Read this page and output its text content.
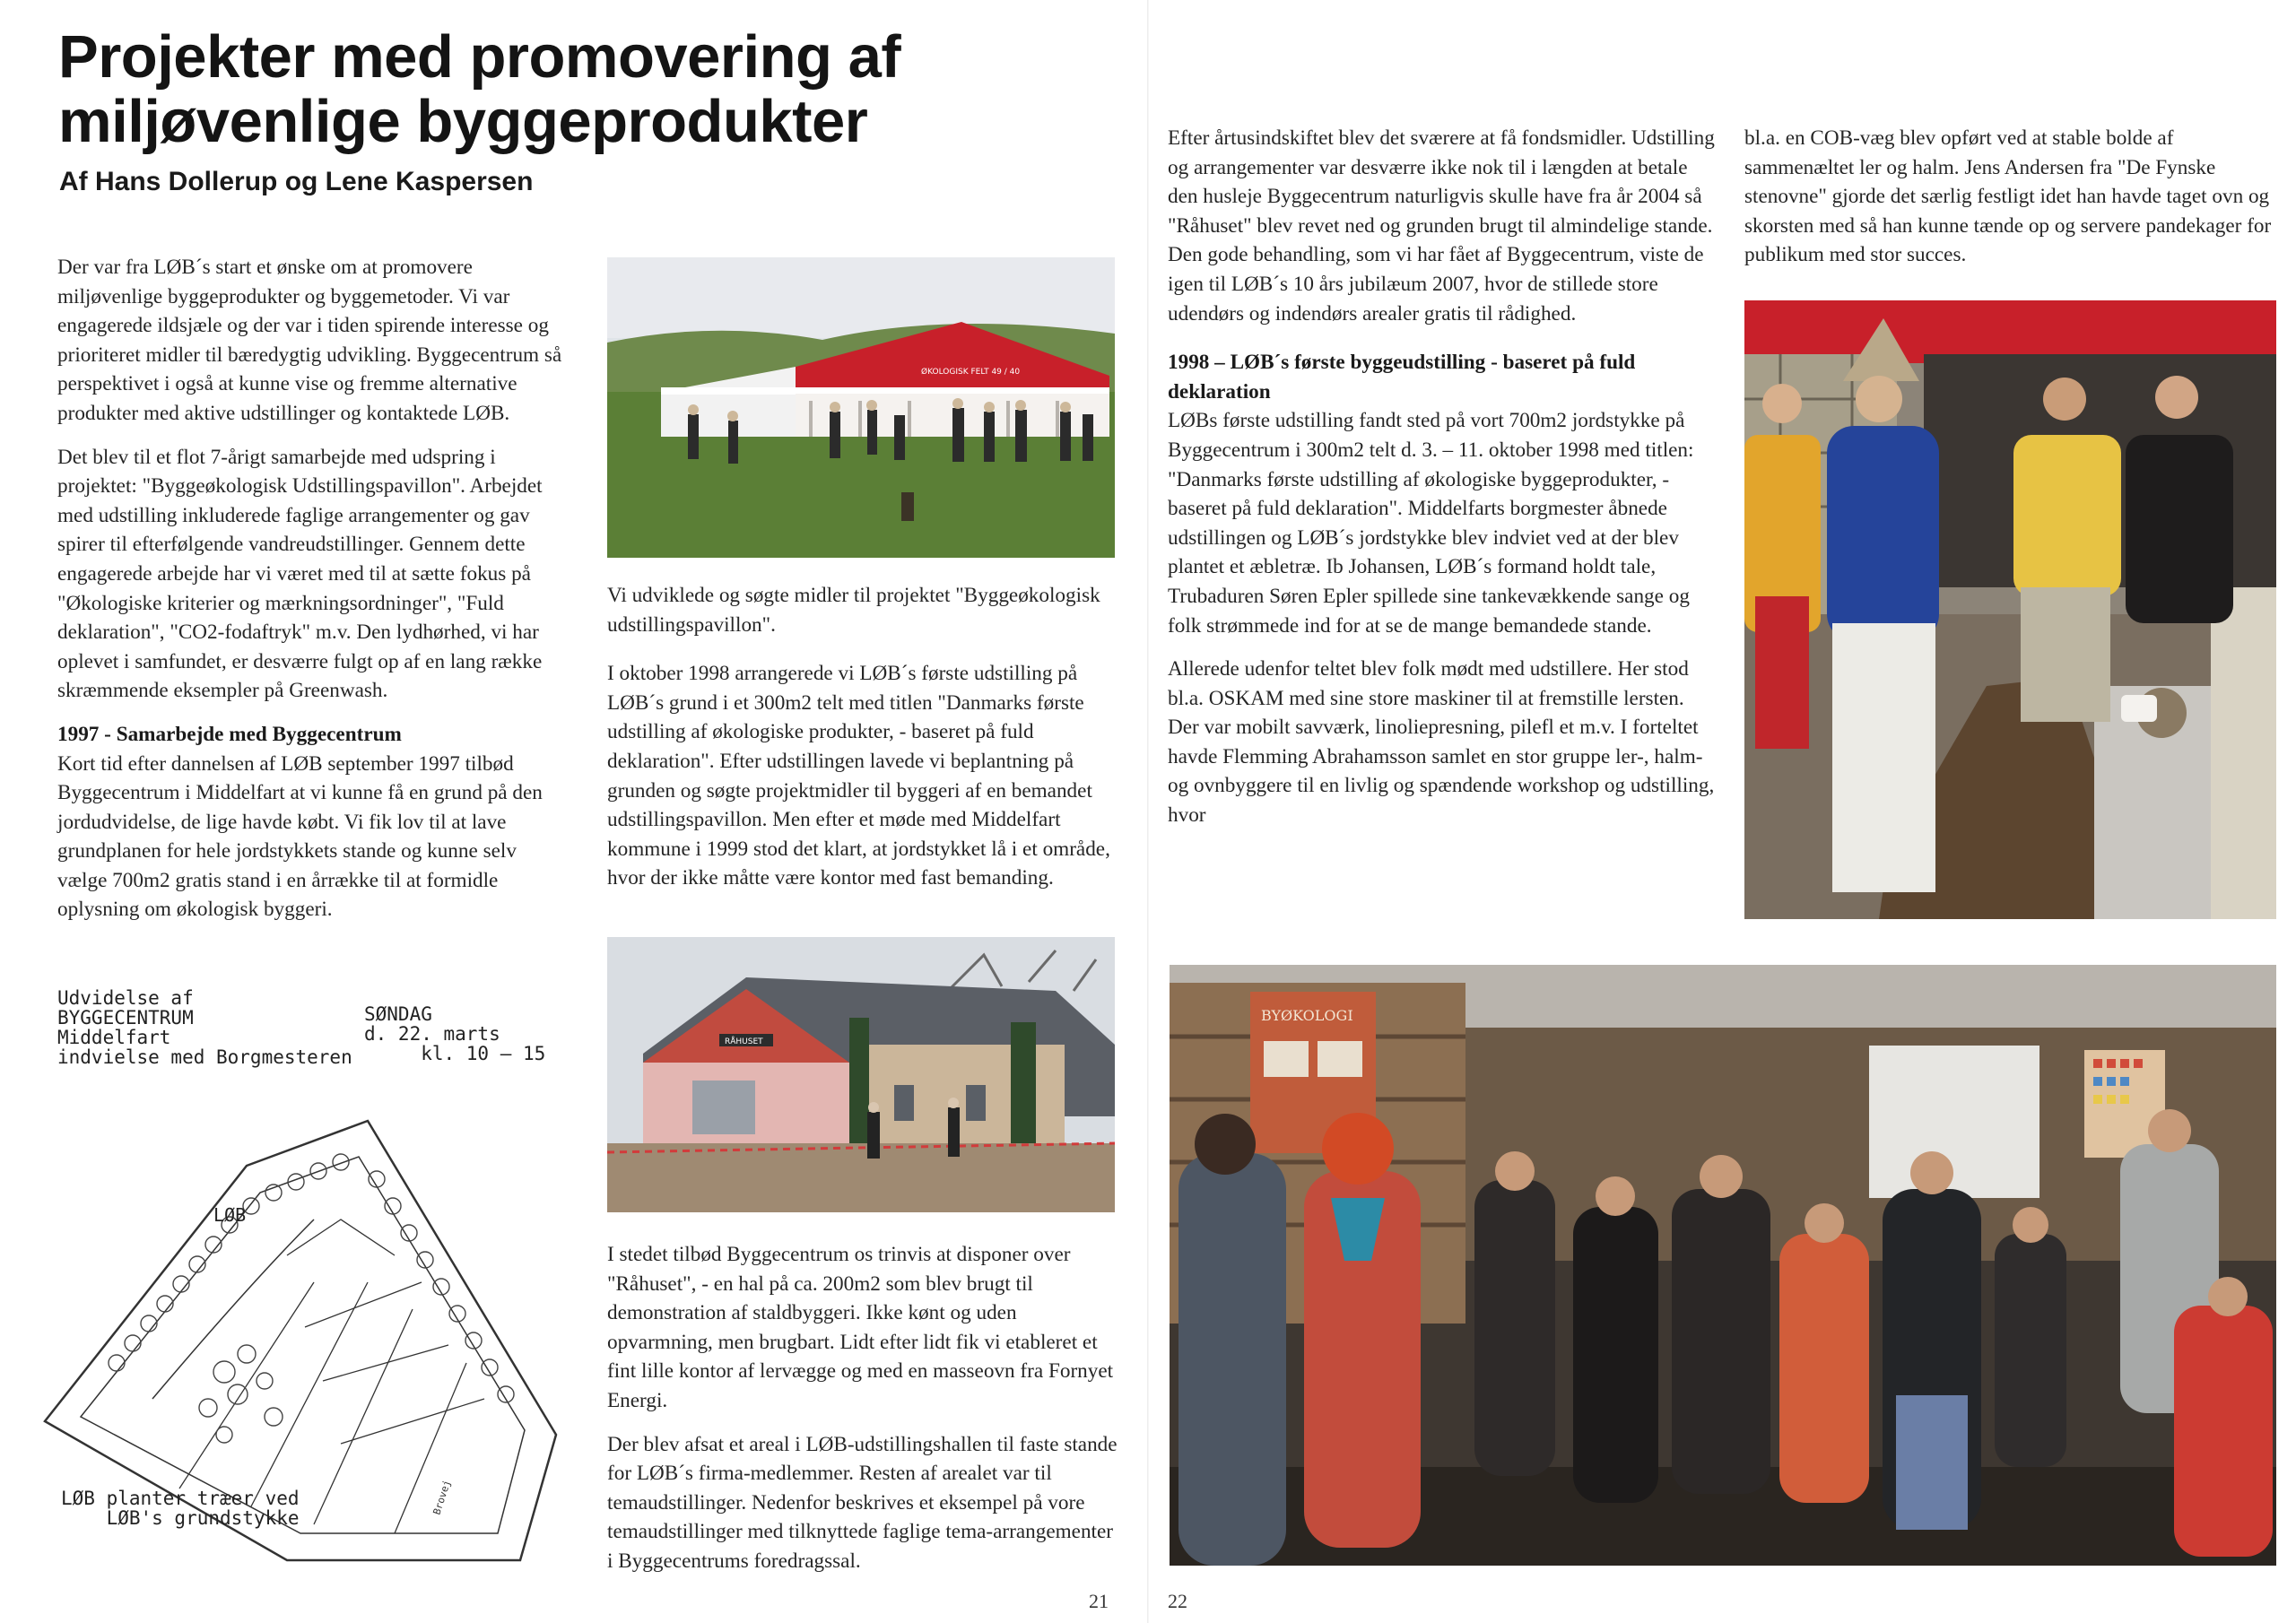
Projekter med promovering af
miljøvenlige byggeprodukter
Af Hans Dollerup og Lene Kaspersen

Der var fra LØB´s start et ønske om at promovere miljøvenlige byggeprodukter og byggemetoder. Vi var engagerede ildsjæle og der var i tiden spirende interesse og prioriteret midler til bæredygtig udvikling. Byggecentrum så perspektivet i også at kunne vise og fremme alternative produkter med aktive udstillinger og kontaktede LØB.

Det blev til et flot 7-årigt samarbejde med udspring i projektet: "Byggeøkologisk Udstillingspavillon". Arbejdet med udstilling inkluderede faglige arrangementer og gav spirer til efterfølgende vandreudstillinger. Gennem dette engagerede arbejde har vi været med til at sætte fokus på "Økologiske kriterier og mærkningsordninger", "Fuld deklaration", "CO2-fodaftryk" m.v. Den lydhørhed, vi har oplevet i samfundet, er desværre fulgt op af en lang række skræmmende eksempler på Greenwash.

1997 - Samarbejde med Byggecentrum

Kort tid efter dannelsen af LØB september 1997 tilbød Byggecentrum i Middelfart at vi kunne få en grund på den jordudvidelse, de lige havde købt. Vi fik lov til at lave grundplanen for hele jordstykkets stande og kunne selv vælge 700m2 gratis stand i en årrække til at formidle oplysning om økologisk byggeri.

Brovej
Udvidelse af
BYGGECENTRUM
Middelfart
indvielse med Borgmesteren
SØNDAG
d. 22. marts
kl. 10 — 15
LØB
LØB planter træer ved
LØB's grundstykke
ØKOLOGISK FELT 49 / 40

Vi udviklede og søgte midler til projektet "Byggeøkologisk udstillingspavillon".

I oktober 1998 arrangerede vi LØB´s første udstilling på LØB´s grund i et 300m2 telt med titlen "Danmarks første udstilling af økologiske produkter, - baseret på fuld deklaration". Efter udstillingen lavede vi beplantning på grunden og søgte projektmidler til byggeri af en bemandet udstillingspavillon. Men efter et møde med Middelfart kommune i 1999 stod det klart, at jordstykket lå i et område, hvor der ikke måtte være kontor med fast bemanding.

RÅHUSET

I stedet tilbød Byggecentrum os trinvis at disponer over "Råhuset", - en hal på ca. 200m2 som blev brugt til demonstration af staldbyggeri. Ikke kønt og uden opvarmning, men brugbart. Lidt efter lidt fik vi etableret et fint lille kontor af lervægge og med en masseovn fra Fornyet Energi.

Der blev afsat et areal i LØB-udstillingshallen til faste stande for LØB´s firma-medlemmer. Resten af arealet var til temaudstillinger. Nedenfor beskrives et eksempel på vore temaudstillinger med tilknyttede faglige tema-arrangementer i Byggecentrums foredragssal.

Efter årtusindskiftet blev det sværere at få fondsmidler. Udstilling og arrangementer var desværre ikke nok til i længden at betale den husleje Byggecentrum naturligvis skulle have fra år 2004 så "Råhuset" blev revet ned og grunden brugt til almindelige stande. Den gode behandling, som vi har fået af Byggecentrum, viste de igen til LØB´s 10 års jubilæum 2007, hvor de stillede store udendørs og indendørs arealer gratis til rådighed.

1998 – LØB´s første byggeudstilling - baseret på fuld deklaration

LØBs første udstilling fandt sted på vort 700m2 jordstykke på Byggecentrum i 300m2 telt d. 3. – 11. oktober 1998 med titlen: "Danmarks første udstilling af økologiske byggeprodukter, - baseret på fuld deklaration". Middelfarts borgmester åbnede udstillingen og LØB´s jordstykke blev indviet ved at der blev plantet et æbletræ. Ib Johansen, LØB´s formand holdt tale, Trubaduren Søren Epler spillede sine tankevækkende sange og folk strømmede ind for at se de mange bemandede stande.

Allerede udenfor teltet blev folk mødt med udstillere. Her stod bl.a. OSKAM med sine store maskiner til at fremstille lersten. Der var mobilt savværk, linoliepresning, pilefl et m.v. I forteltet havde Flemming Abrahamsson samlet en stor gruppe ler-, halm- og ovnbyggere til en livlig og spændende workshop og udstilling, hvor

bl.a. en COB-væg blev opført ved at stable bolde af sammenæltet ler og halm. Jens Andersen fra "De Fynske stenovne" gjorde det særlig festligt idet han havde taget ovn og skorsten med så han kunne tænde op og servere pandekager for publikum med stor succes.

BYØKOLOGI
21	22
